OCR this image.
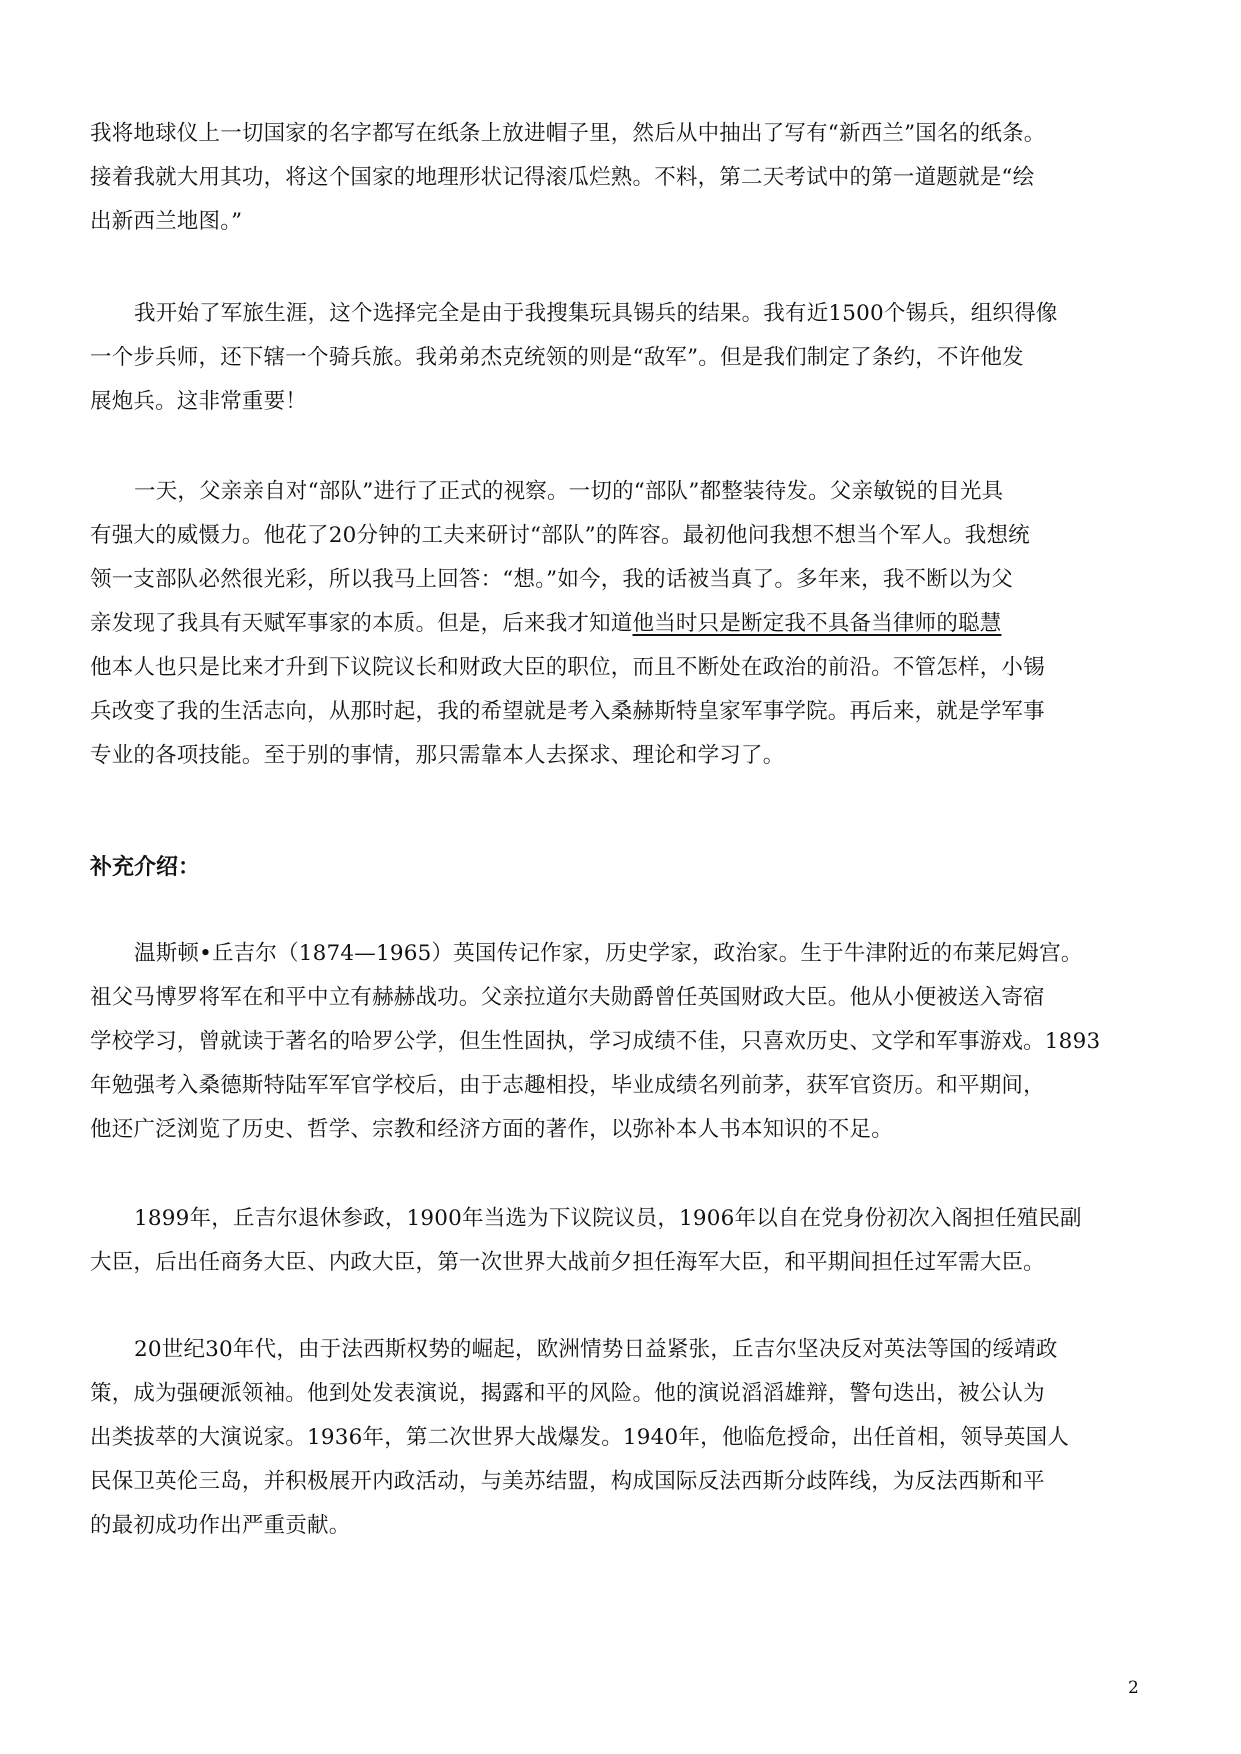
我将地球仪上一切国家的名字都写在纸条上放进帽子里，然后从中抽出了写有“新西兰”国名的纸条。
接着我就大用其功，将这个国家的地理形状记得滚瓜烂熟。不料，第二天考试中的第一道题就是“绘
出新西兰地图。”
我开始了军旅生涯，这个选择完全是由于我搜集玩具锡兵的结果。我有近1500个锡兵，组织得像
一个步兵师，还下辖一个骑兵旅。我弟弟杰克统领的则是“敌军”。但是我们制定了条约，不许他发
展炮兵。这非常重要！
一天，父亲亲自对“部队”进行了正式的视察。一切的“部队”都整装待发。父亲敏锐的目光具
有强大的威慑力。他花了20分钟的工夫来研讨“部队”的阵容。最初他问我想不想当个军人。我想统
领一支部队必然很光彩，所以我马上回答：“想。”如今，我的话被当真了。多年来，我不断以为父
亲发现了我具有天赋军事家的本质。但是，后来我才知道他当时只是断定我不具备当律师的聪慧
他本人也只是比来才升到下议院议长和财政大臣的职位，而且不断处在政治的前沿。不管怎样，小锡
兵改变了我的生活志向，从那时起，我的希望就是考入桑赫斯特皇家军事学院。再后来，就是学军事
专业的各项技能。至于别的事情，那只需靠本人去探求、理论和学习了。
补充介绍：
温斯顿•丘吉尔（1874—1965）英国传记作家，历史学家，政治家。生于牛津附近的布莱尼姆宫。
祖父马博罗将军在和平中立有赫赫战功。父亲拉道尔夫勋爵曾任英国财政大臣。他从小便被送入寄宿
学校学习，曾就读于著名的哈罗公学，但生性固执，学习成绩不佳，只喜欢历史、文学和军事游戏。1893
年勉强考入桑德斯特陆军军官学校后，由于志趣相投，毕业成绩名列前茅，获军官资历。和平期间，
他还广泛浏览了历史、哲学、宗教和经济方面的著作，以弥补本人书本知识的不足。
1899年，丘吉尔退休参政，1900年当选为下议院议员，1906年以自在党身份初次入阁担任殖民副
大臣，后出任商务大臣、内政大臣，第一次世界大战前夕担任海军大臣，和平期间担任过军需大臣。
20世纪30年代，由于法西斯权势的崛起，欧洲情势日益紧张，丘吉尔坚决反对英法等国的绥靖政
策，成为强硬派领袖。他到处发表演说，揭露和平的风险。他的演说滔滔雄辩，警句迭出，被公认为
出类拔萃的大演说家。1936年，第二次世界大战爆发。1940年，他临危授命，出任首相，领导英国人
民保卫英伦三岛，并积极展开内政活动，与美苏结盟，构成国际反法西斯分歧阵线，为反法西斯和平
的最初成功作出严重贡献。
2
